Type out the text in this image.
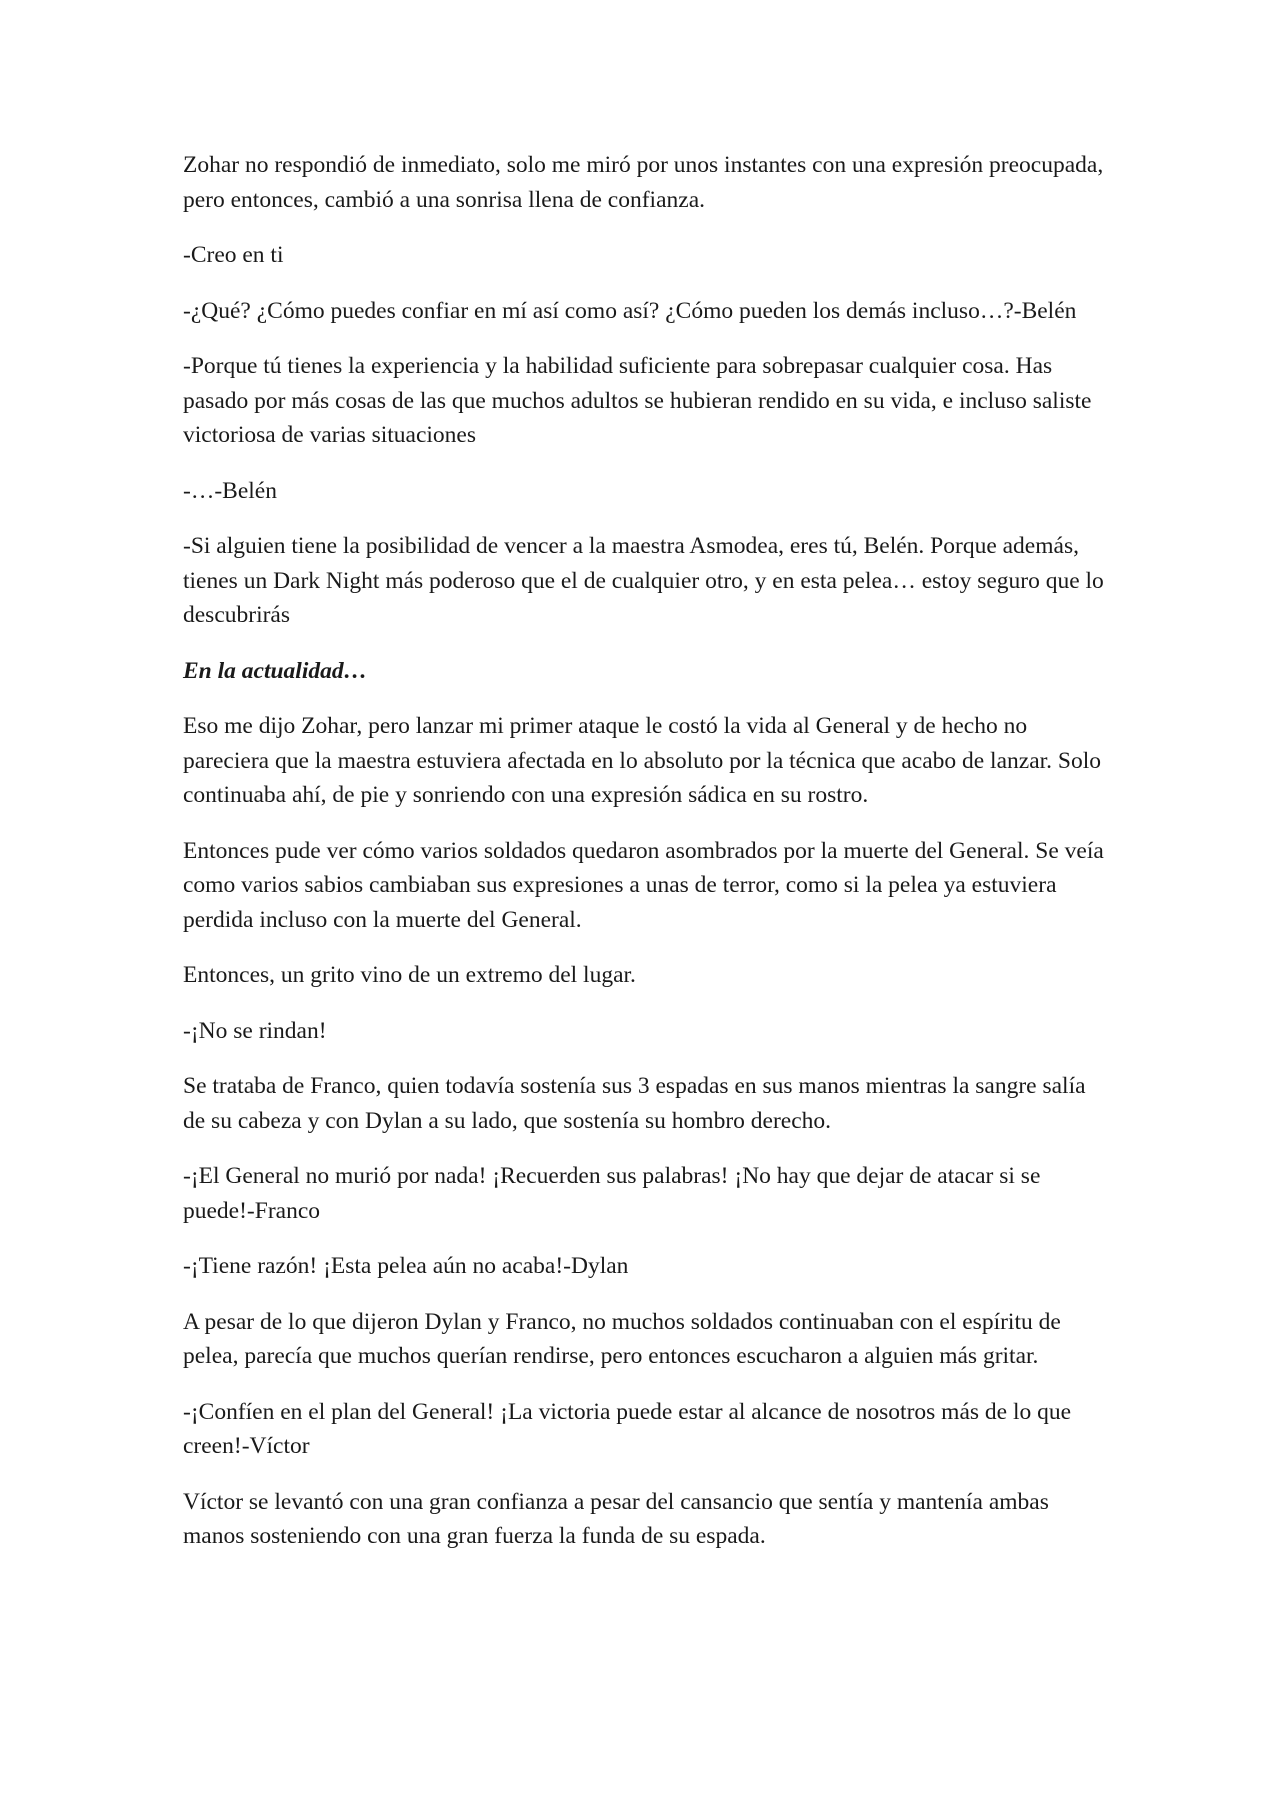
Zohar no respondió de inmediato, solo me miró por unos instantes con una expresión preocupada, pero entonces, cambió a una sonrisa llena de confianza.

-Creo en ti

-¿Qué? ¿Cómo puedes confiar en mí así como así? ¿Cómo pueden los demás incluso…?-Belén

-Porque tú tienes la experiencia y la habilidad suficiente para sobrepasar cualquier cosa. Has pasado por más cosas de las que muchos adultos se hubieran rendido en su vida, e incluso saliste victoriosa de varias situaciones

-…-Belén

-Si alguien tiene la posibilidad de vencer a la maestra Asmodea, eres tú, Belén. Porque además, tienes un Dark Night más poderoso que el de cualquier otro, y en esta pelea… estoy seguro que lo descubrirás

En la actualidad…

Eso me dijo Zohar, pero lanzar mi primer ataque le costó la vida al General y de hecho no pareciera que la maestra estuviera afectada en lo absoluto por la técnica que acabo de lanzar. Solo continuaba ahí, de pie y sonriendo con una expresión sádica en su rostro.

Entonces pude ver cómo varios soldados quedaron asombrados por la muerte del General. Se veía como varios sabios cambiaban sus expresiones a unas de terror, como si la pelea ya estuviera perdida incluso con la muerte del General.

Entonces, un grito vino de un extremo del lugar.

-¡No se rindan!

Se trataba de Franco, quien todavía sostenía sus 3 espadas en sus manos mientras la sangre salía de su cabeza y con Dylan a su lado, que sostenía su hombro derecho.

-¡El General no murió por nada! ¡Recuerden sus palabras! ¡No hay que dejar de atacar si se puede!-Franco

-¡Tiene razón! ¡Esta pelea aún no acaba!-Dylan

A pesar de lo que dijeron Dylan y Franco, no muchos soldados continuaban con el espíritu de pelea, parecía que muchos querían rendirse, pero entonces escucharon a alguien más gritar.

-¡Confíen en el plan del General! ¡La victoria puede estar al alcance de nosotros más de lo que creen!-Víctor

Víctor se levantó con una gran confianza a pesar del cansancio que sentía y mantenía ambas manos sosteniendo con una gran fuerza la funda de su espada.
